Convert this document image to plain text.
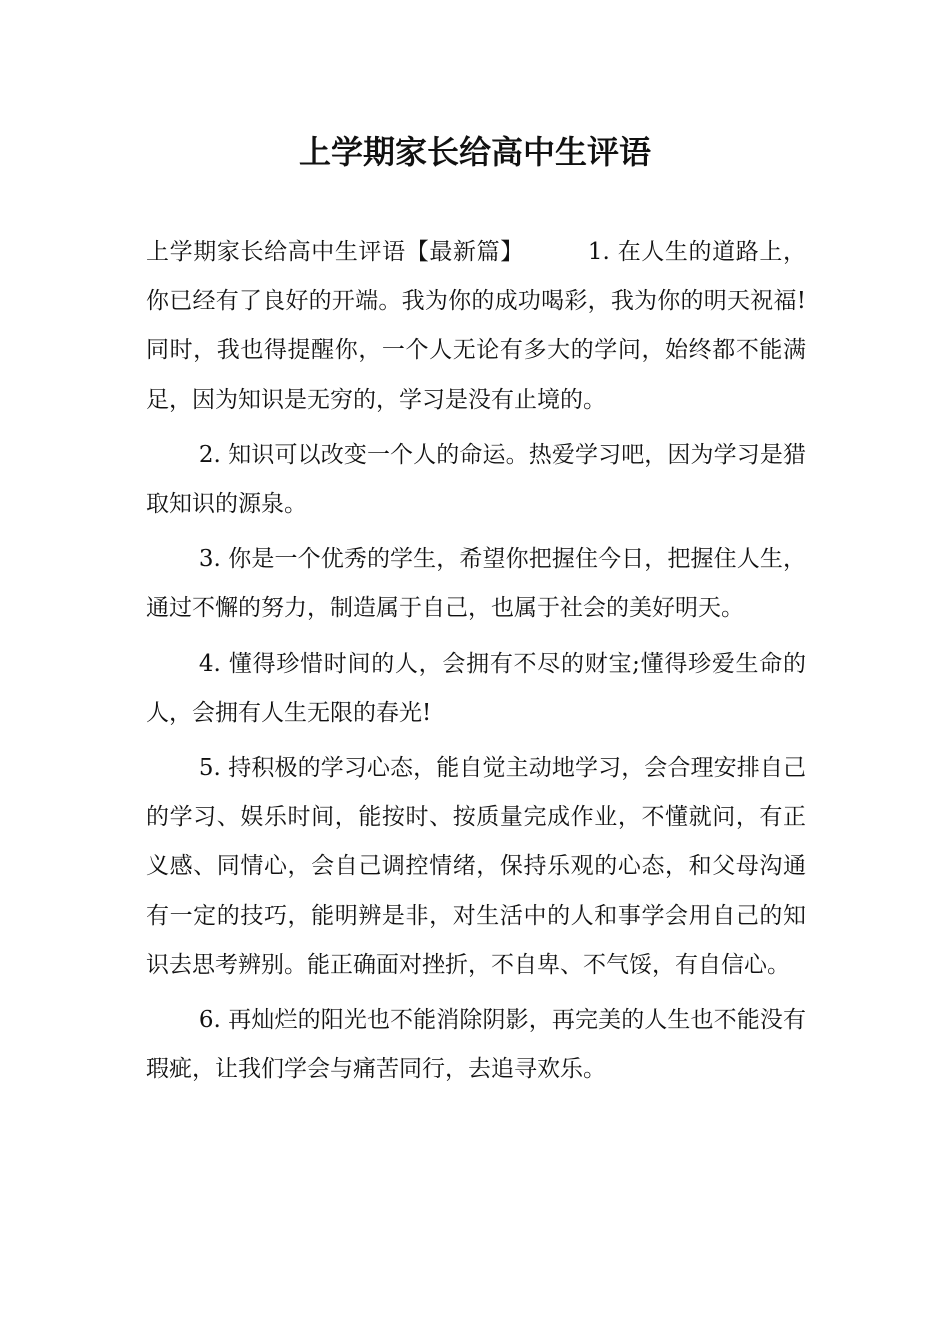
上学期家长给高中生评语

上学期家长给高中生评语【最新篇】	1. 在人生的道路上，你已经有了良好的开端。我为你的成功喝彩，我为你的明天祝福!同时，我也得提醒你，一个人无论有多大的学问，始终都不能满足，因为知识是无穷的，学习是没有止境的。

2. 知识可以改变一个人的命运。热爱学习吧，因为学习是猎取知识的源泉。

3. 你是一个优秀的学生，希望你把握住今日，把握住人生，通过不懈的努力，制造属于自己，也属于社会的美好明天。

4. 懂得珍惜时间的人，会拥有不尽的财宝;懂得珍爱生命的人，会拥有人生无限的春光!

5. 持积极的学习心态，能自觉主动地学习，会合理安排自己的学习、娱乐时间，能按时、按质量完成作业，不懂就问，有正义感、同情心，会自己调控情绪，保持乐观的心态，和父母沟通有一定的技巧，能明辨是非，对生活中的人和事学会用自己的知识去思考辨别。能正确面对挫折，不自卑、不气馁，有自信心。

6. 再灿烂的阳光也不能消除阴影，再完美的人生也不能没有瑕疵，让我们学会与痛苦同行，去追寻欢乐。
